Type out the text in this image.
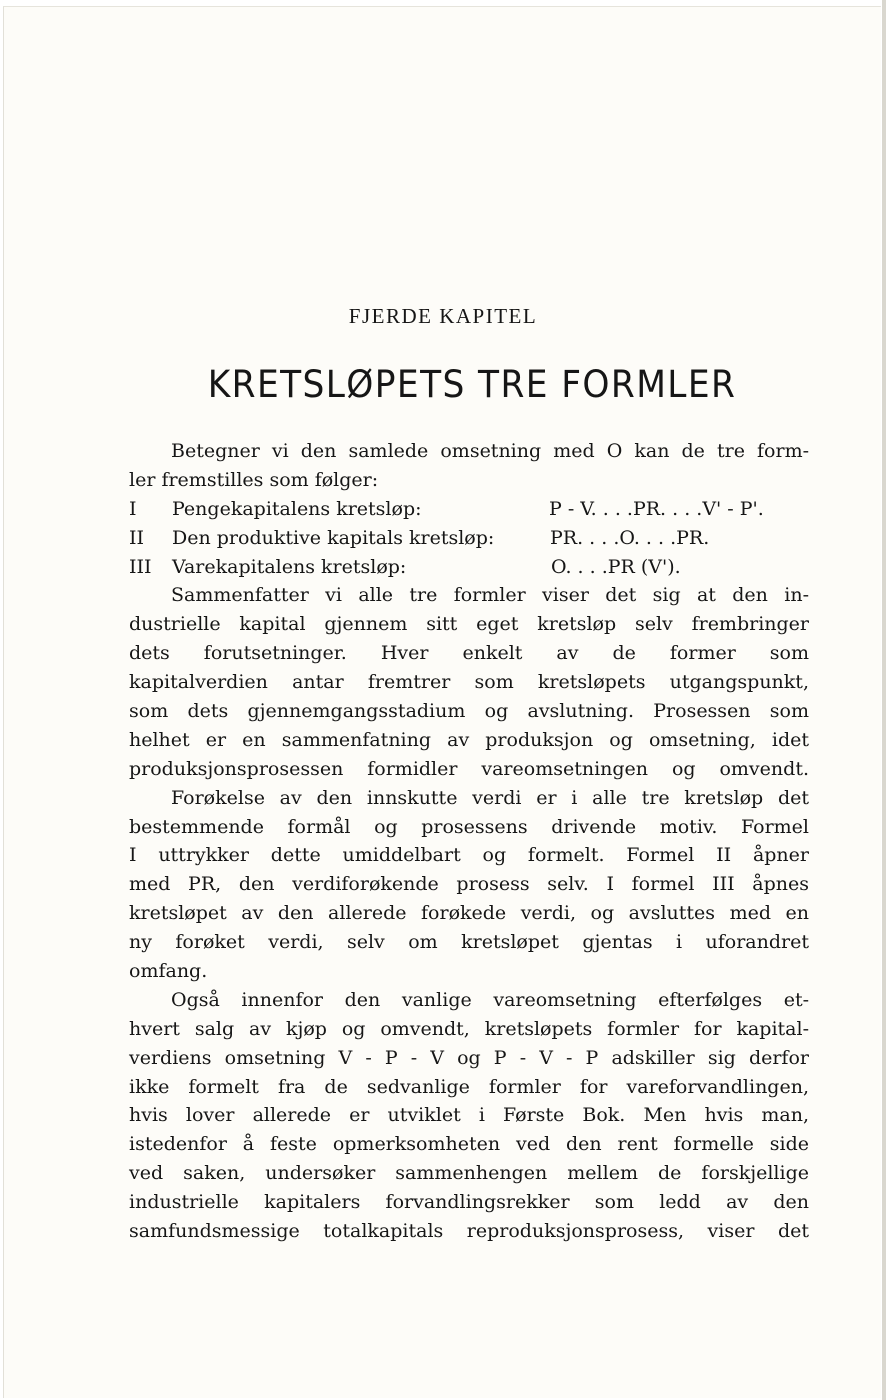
FJERDE KAPITEL
KRETSLØPETS TRE FORMLER
Betegner vi den samlede omsetning med O kan de tre form-
ler fremstilles som følger:
I Pengekapitalens kretsløp:	P - V. . . .PR. . . .V' - P'.
II Den produktive kapitals kretsløp:	PR. . . .O. . . .PR.
III Varekapitalens kretsløp:	O. . . .PR (V').
Sammenfatter vi alle tre formler viser det sig at den in-
dustrielle kapital gjennem sitt eget kretsløp selv frembringer
dets forutsetninger. Hver enkelt av de former som
kapitalverdien antar fremtrer som kretsløpets utgangspunkt,
som dets gjennemgangsstadium og avslutning. Prosessen som
helhet er en sammenfatning av produksjon og omsetning, idet
produksjonsprosessen formidler vareomsetningen og omvendt.
Forøkelse av den innskutte verdi er i alle tre kretsløp det
bestemmende formål og prosessens drivende motiv. Formel
I uttrykker dette umiddelbart og formelt. Formel II åpner
med PR, den verdiforøkende prosess selv. I formel III åpnes
kretsløpet av den allerede forøkede verdi, og avsluttes med en
ny forøket verdi, selv om kretsløpet gjentas i uforandret
omfang.
Også innenfor den vanlige vareomsetning efterfølges et-
hvert salg av kjøp og omvendt, kretsløpets formler for kapital-
verdiens omsetning V - P - V og P - V - P adskiller sig derfor
ikke formelt fra de sedvanlige formler for vareforvandlingen,
hvis lover allerede er utviklet i Første Bok. Men hvis man,
istedenfor å feste opmerksomheten ved den rent formelle side
ved saken, undersøker sammenhengen mellem de forskjellige
industrielle kapitalers forvandlingsrekker som ledd av den
samfundsmessige totalkapitals reproduksjonsprosess, viser det
